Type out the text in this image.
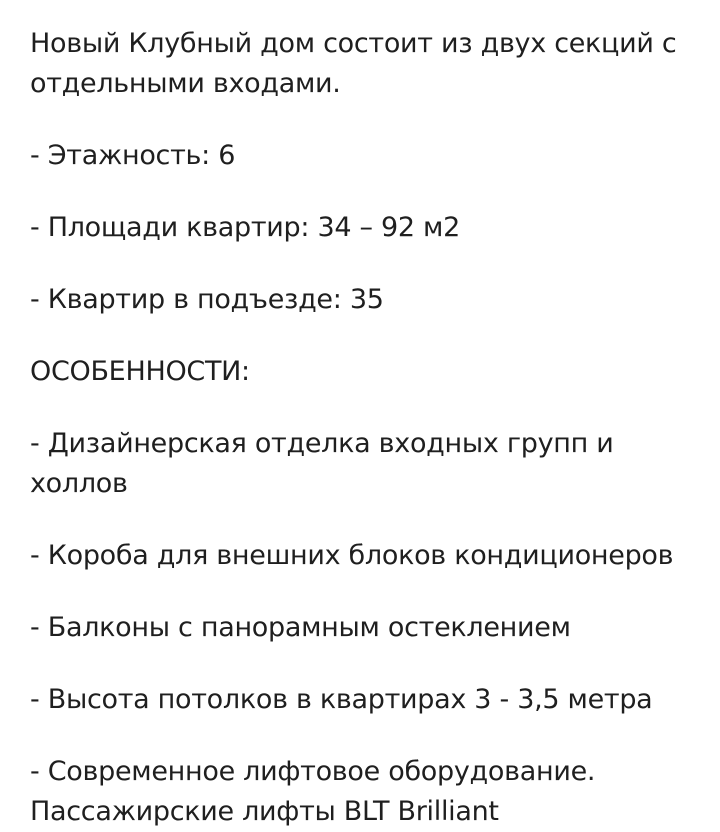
Новый Клубный дом состоит из двух секций с отдельными входами.

- Этажность: 6

- Площади квартир: 34 – 92 м2

- Квартир в подъезде: 35

ОСОБЕННОСТИ:

- Дизайнерская отделка входных групп и холлов

- Короба для внешних блоков кондиционеров

- Балконы с панорамным остеклением

- Высота потолков в квартирах 3 - 3,5 метра

- Современное лифтовое оборудование. Пассажирские лифты BLT Brilliant
